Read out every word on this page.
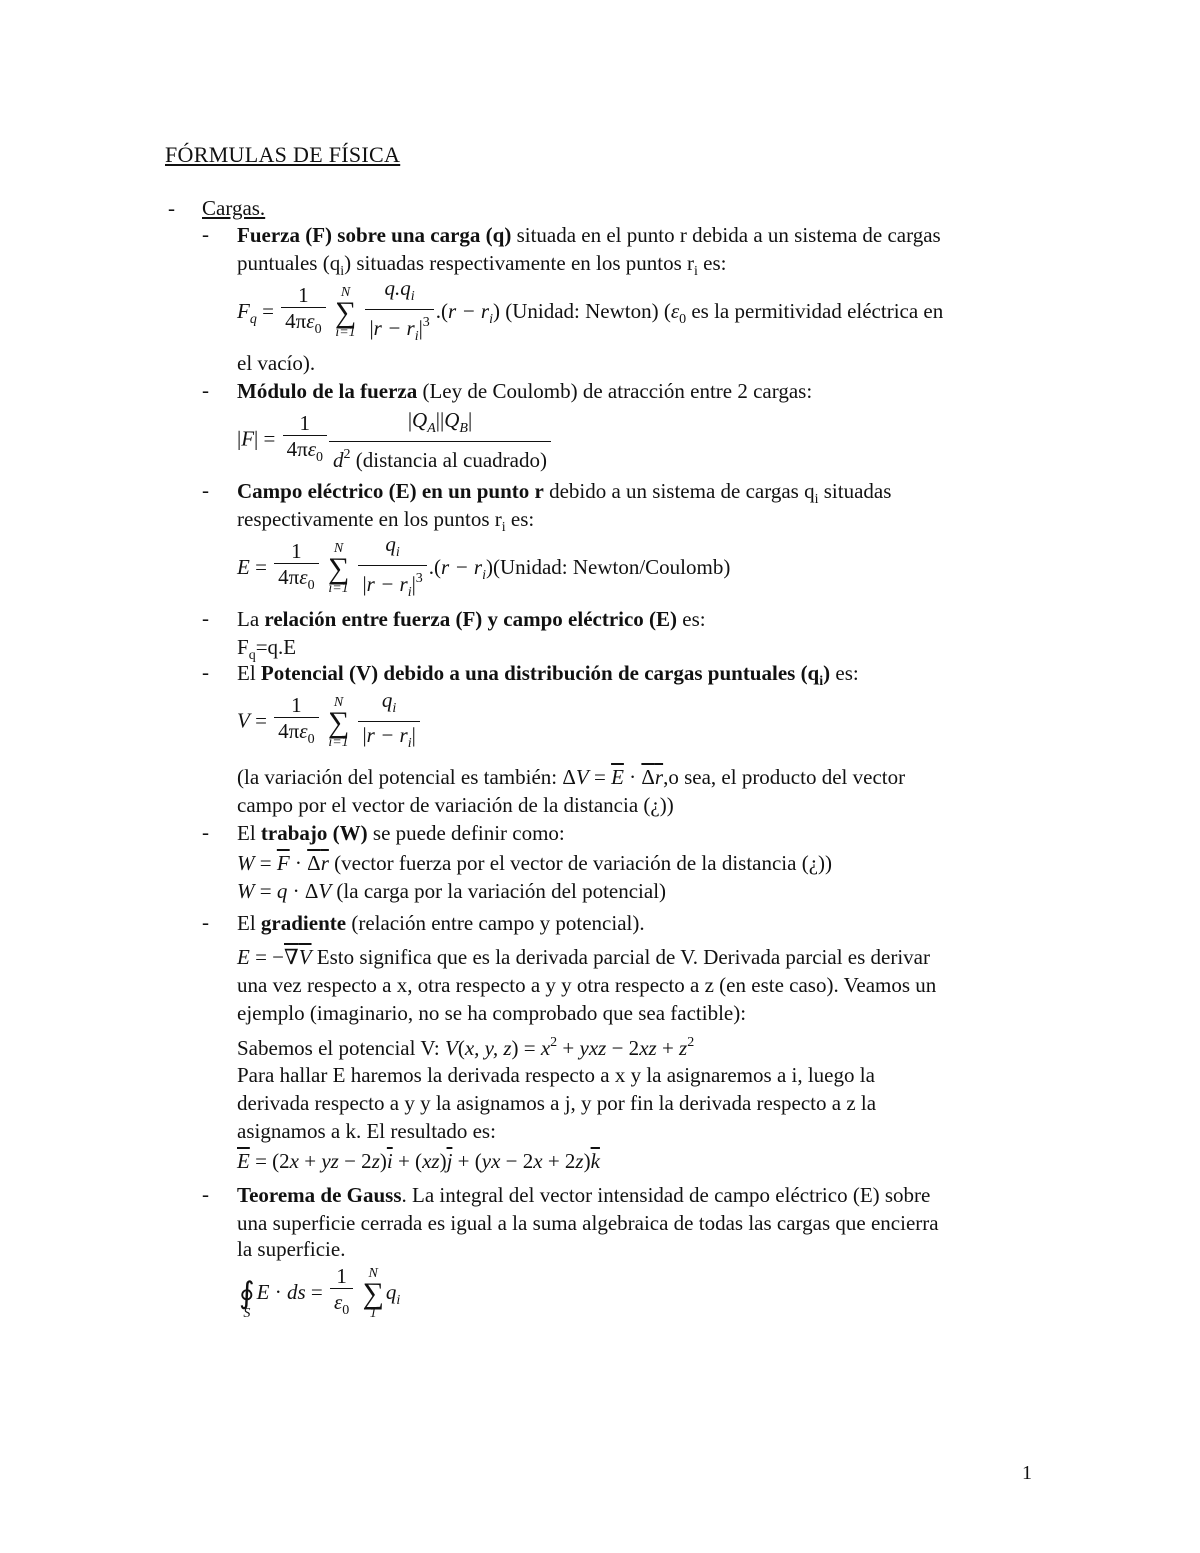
FÓRMULAS DE FÍSICA
- Cargas.
- Fuerza (F) sobre una carga (q) situada en el punto r debida a un sistema de cargas
puntuales $(q_i)$ situadas respectivamente en los puntos $r_i$ es:
$F_q = \frac{1}{4\pi\varepsilon_0}$
	N
∑
i=1
$\frac{q.q_i}{|r - r_i|^3} .(r - r_i)$ (Unidad: Newton) ($\varepsilon_0$ es la permitividad eléctrica en
el vacío).
- Módulo de la fuerza (Ley de Coulomb) de atracción entre 2 cargas:
$|F| = \frac{1}{4\pi\varepsilon_0} \frac{|Q_A||Q_B|}{d^2 (distancia al cuadrado)}$
- Campo eléctrico (E) en un punto r debido a un sistema de cargas $q_i$ situadas
respectivamente en los puntos $r_i$ es:
$E = \frac{1}{4\pi\varepsilon_0}$
	N
∑
i=1
$\frac{q_i}{|r - r_i|^3} .(r$ − $r_i)(Unidad$: Newton/Coulomb)
- La relación entre fuerza (F) y campo eléctrico (E) es:
$F_q=q.E$
- El Potencial (V) debido a una distribución de cargas puntuales $(q_i)$ es:
$V = \frac{1}{4\pi\varepsilon_0}$
	N
∑
i=1
$\frac{q_i}{|r - r_i|}$
(la variación del potencial es también: $\Delta V = \overline{E} \cdot \Delta r,o$ sea, el producto del vector
campo por el vector de variación de la distancia (¿))
- El trabajo (W) se puede definir como:
$W = \overline{F} \cdot \Delta r$ (vector fuerza por el vector de variación de la distancia (¿))
W = q · ΔV (la carga por la variación del potencial)
- El gradiente (relación entre campo y potencial).
E = −∇V Esto significa que es la derivada parcial de V. Derivada parcial es derivar
una vez respecto a x, otra respecto a y y otra respecto a z (en este caso). Veamos un
ejemplo (imaginario, no se ha comprobado que sea factible):
Sabemos el potencial V: V(x, y, $z) = x^2$ + yxz − $2xz + z^2$
Para hallar E haremos la derivada respecto a x y la asignaremos a i, luego la
derivada respecto a y y la asignamos a j, y por fin la derivada respecto a z la
asignamos a k. El resultado es:
$\overline{E} = (2x$ + yz − $2z)\overline{i} + (xz)\overline{j} + (yx - 2x + 2z)\overline{k}$
- Teorema de Gauss. La integral del vector intensidad de campo eléctrico (E) sobre
una superficie cerrada es igual a la suma algebraica de todas las cargas que encierra
la superficie.

∮
S
E · ds = $\frac{1}{\varepsilon_0}$
	N
∑
1
$q_i$
1
